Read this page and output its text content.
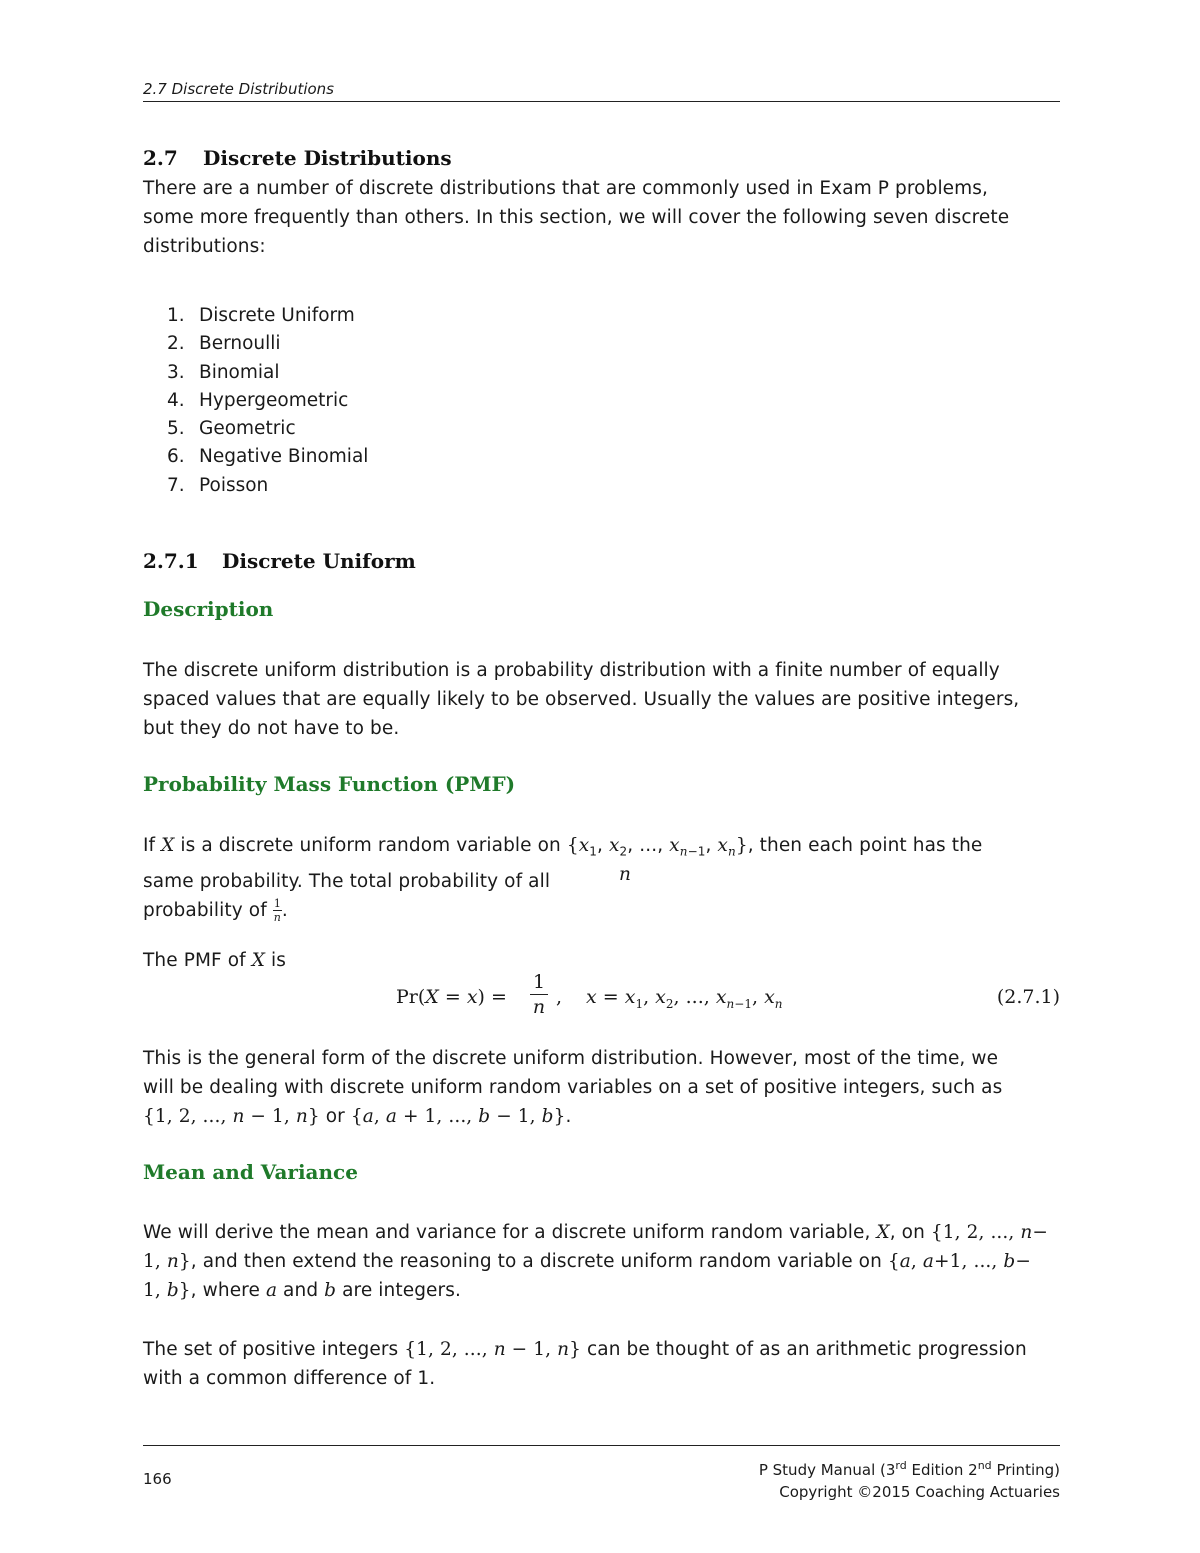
2.7 Discrete Distributions
2.7 Discrete Distributions
There are a number of discrete distributions that are commonly used in Exam P problems,
some more frequently than others. In this section, we will cover the following seven discrete
distributions:
1. Discrete Uniform
2. Bernoulli
3. Binomial
4. Hypergeometric
5. Geometric
6. Negative Binomial
7. Poisson
2.7.1 Discrete Uniform
Description
The discrete uniform distribution is a probability distribution with a finite number of equally
spaced values that are equally likely to be observed. Usually the values are positive integers,
but they do not have to be.
Probability Mass Function (PMF)
If X is a discrete uniform random variable on {$x_1$, $x_2$, ..., $x_{n-1}$, $x_n$}, then each point has the
same probability. The total probability of all
probability of $\frac{1}{n}$ .
n
The PMF of X is
Pr(X = x) =
1
n , $x = x_1$, $x_2$, ..., $x_{n-1}$, $x_n$	(2.7.1)
This is the general form of the discrete uniform distribution. However, most of the time, we
will be dealing with discrete uniform random variables on a set of positive integers, such as
{1, 2, ..., n − 1, n} or {a, a + 1, ..., b − 1, b}.
Mean and Variance
We will derive the mean and variance for a discrete uniform random variable, X, on {1, 2, ..., n−
1, n}, and then extend the reasoning to a discrete uniform random variable on {a, a+1, ..., b−
1, b}, where a and b are integers.
The set of positive integers {1, 2, ..., n − 1, n} can be thought of as an arithmetic progression
with a common difference of 1.
166	P Study Manual (3rd Edition 2nd Printing)
Copyright ©2015 Coaching Actuaries
